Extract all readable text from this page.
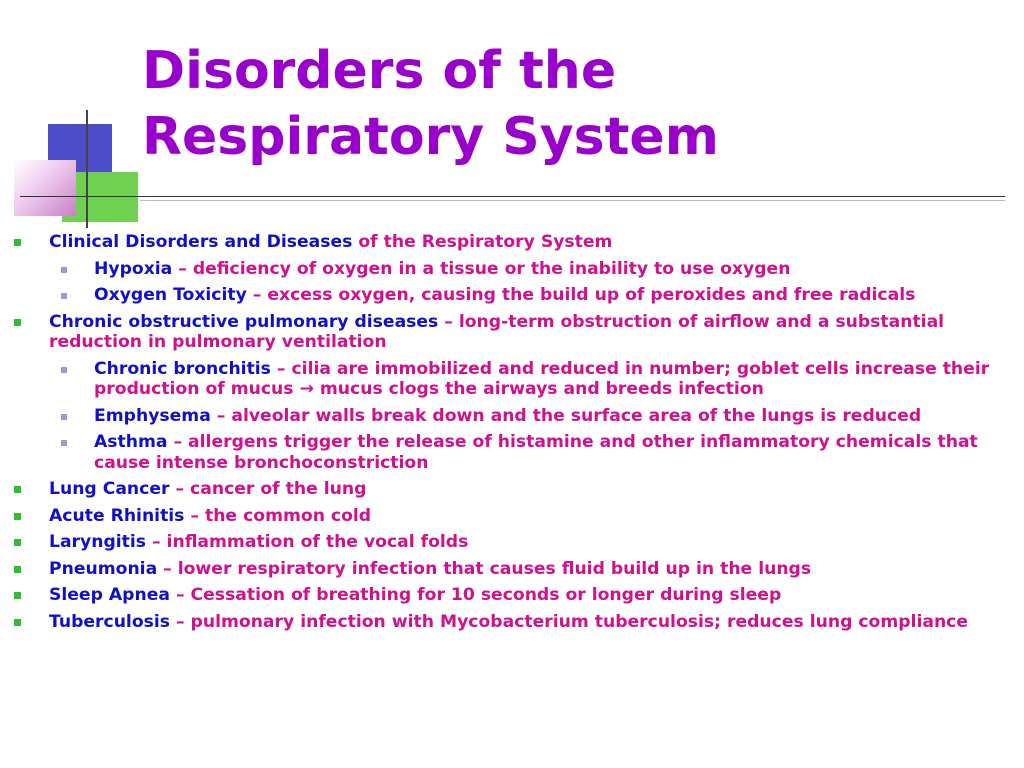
Disorders of the
Respiratory System
Clinical Disorders and Diseases of the Respiratory System
Hypoxia – deficiency of oxygen in a tissue or the inability to use oxygen
Oxygen Toxicity – excess oxygen, causing the build up of peroxides and free radicals
Chronic obstructive pulmonary diseases – long-term obstruction of airflow and a substantial reduction in pulmonary ventilation
Chronic bronchitis – cilia are immobilized and reduced in number; goblet cells increase their production of mucus → mucus clogs the airways and breeds infection
Emphysema – alveolar walls break down and the surface area of the lungs is reduced
Asthma – allergens trigger the release of histamine and other inflammatory chemicals that cause intense bronchoconstriction
Lung Cancer – cancer of the lung
Acute Rhinitis – the common cold
Laryngitis – inflammation of the vocal folds
Pneumonia – lower respiratory infection that causes fluid build up in the lungs
Sleep Apnea – Cessation of breathing for 10 seconds or longer during sleep
Tuberculosis – pulmonary infection with Mycobacterium tuberculosis; reduces lung compliance
